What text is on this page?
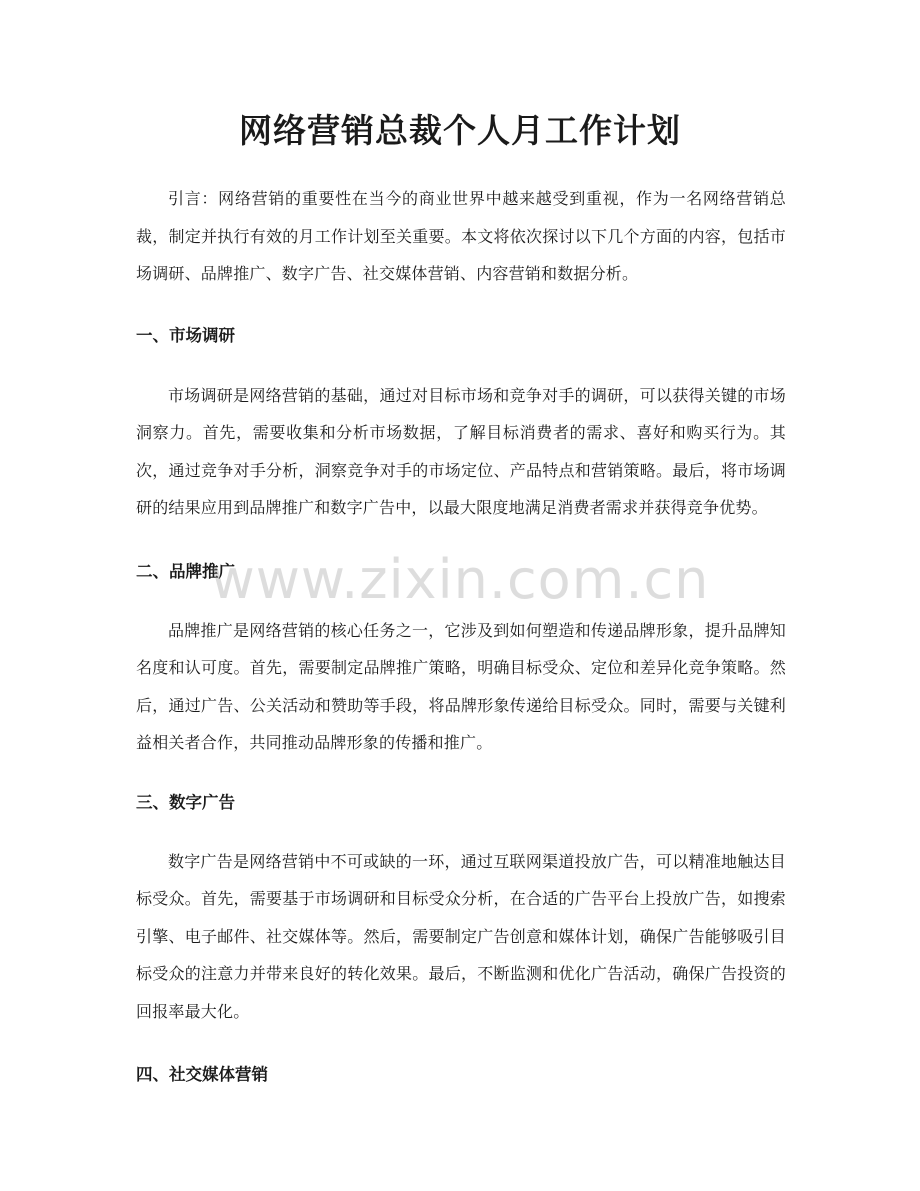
网络营销总裁个人月工作计划

引言：网络营销的重要性在当今的商业世界中越来越受到重视，作为一名网络营销总裁，制定并执行有效的月工作计划至关重要。本文将依次探讨以下几个方面的内容，包括市场调研、品牌推广、数字广告、社交媒体营销、内容营销和数据分析。

一、市场调研

市场调研是网络营销的基础，通过对目标市场和竞争对手的调研，可以获得关键的市场洞察力。首先，需要收集和分析市场数据，了解目标消费者的需求、喜好和购买行为。其次，通过竞争对手分析，洞察竞争对手的市场定位、产品特点和营销策略。最后，将市场调研的结果应用到品牌推广和数字广告中，以最大限度地满足消费者需求并获得竞争优势。

二、品牌推广

品牌推广是网络营销的核心任务之一，它涉及到如何塑造和传递品牌形象，提升品牌知名度和认可度。首先，需要制定品牌推广策略，明确目标受众、定位和差异化竞争策略。然后，通过广告、公关活动和赞助等手段，将品牌形象传递给目标受众。同时，需要与关键利益相关者合作，共同推动品牌形象的传播和推广。

三、数字广告

数字广告是网络营销中不可或缺的一环，通过互联网渠道投放广告，可以精准地触达目标受众。首先，需要基于市场调研和目标受众分析，在合适的广告平台上投放广告，如搜索引擎、电子邮件、社交媒体等。然后，需要制定广告创意和媒体计划，确保广告能够吸引目标受众的注意力并带来良好的转化效果。最后，不断监测和优化广告活动，确保广告投资的回报率最大化。

四、社交媒体营销
www.zixin.com.cn
